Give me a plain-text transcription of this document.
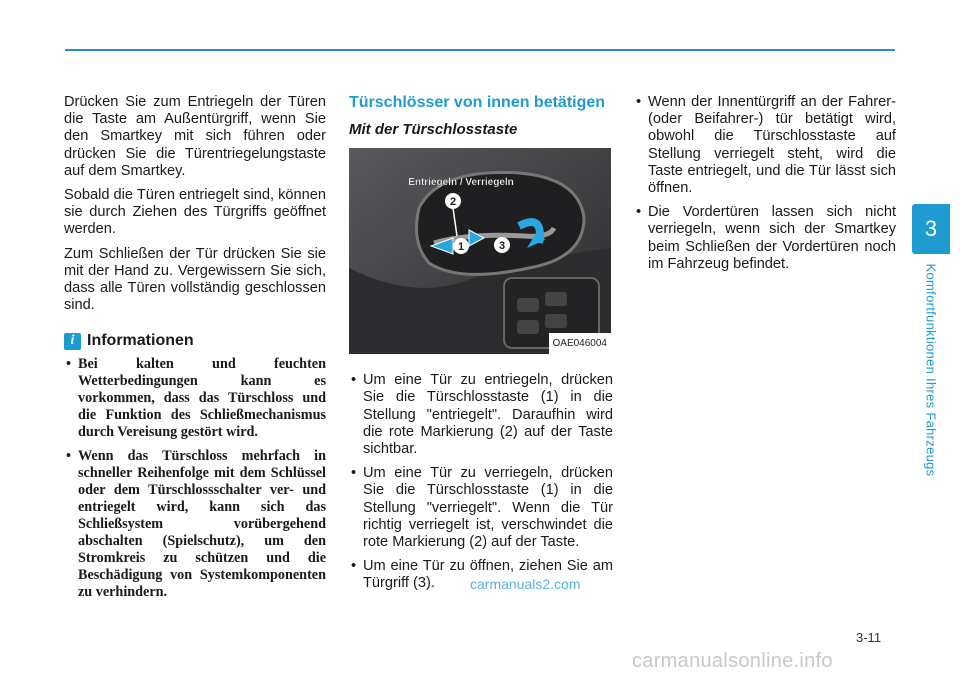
3
Komfortfunktionen Ihres Fahrzeugs

Drücken Sie zum Entriegeln der Türen die Taste am Außentürgriff, wenn Sie den Smartkey mit sich führen oder drücken Sie die Türentriegelungstaste auf dem Smartkey.

Sobald die Türen entriegelt sind, können sie durch Ziehen des Türgriffs geöffnet werden.

Zum Schließen der Tür drücken Sie sie mit der Hand zu. Vergewissern Sie sich, dass alle Türen vollständig geschlossen sind.

i Informationen
• Bei kalten und feuchten Wetterbedingungen kann es vorkommen, dass das Türschloss und die Funktion des Schließmechanismus durch Vereisung gestört wird.
• Wenn das Türschloss mehrfach in schneller Reihenfolge mit dem Schlüssel oder dem Türschlossschalter ver- und entriegelt wird, kann sich das Schließsystem vorübergehend abschalten (Spielschutz), um den Stromkreis zu schützen und die Beschädigung von Systemkomponenten zu verhindern.
Türschlösser von innen betätigen
Mit der Türschlosstaste
1
2
3
Entriegeln / Verriegeln
OAE046004
• Um eine Tür zu entriegeln, drücken Sie die Türschlosstaste (1) in die Stellung "entriegelt". Daraufhin wird die rote Markierung (2) auf der Taste sichtbar.
• Um eine Tür zu verriegeln, drücken Sie die Türschlosstaste (1) in die Stellung "verriegelt". Wenn die Tür richtig verriegelt ist, verschwindet die rote Markierung (2) auf der Taste.
• Um eine Tür zu öffnen, ziehen Sie am Türgriff (3).
• Wenn der Innentürgriff an der Fahrer- (oder Beifahrer-) tür betätigt wird, obwohl die Türschlosstaste auf Stellung verriegelt steht, wird die Taste entriegelt, und die Tür lässt sich öffnen.
• Die Vordertüren lassen sich nicht verriegeln, wenn sich der Smartkey beim Schließen der Vordertüren noch im Fahrzeug befindet.
carmanuals2.com
3-11
carmanualsonline.info
